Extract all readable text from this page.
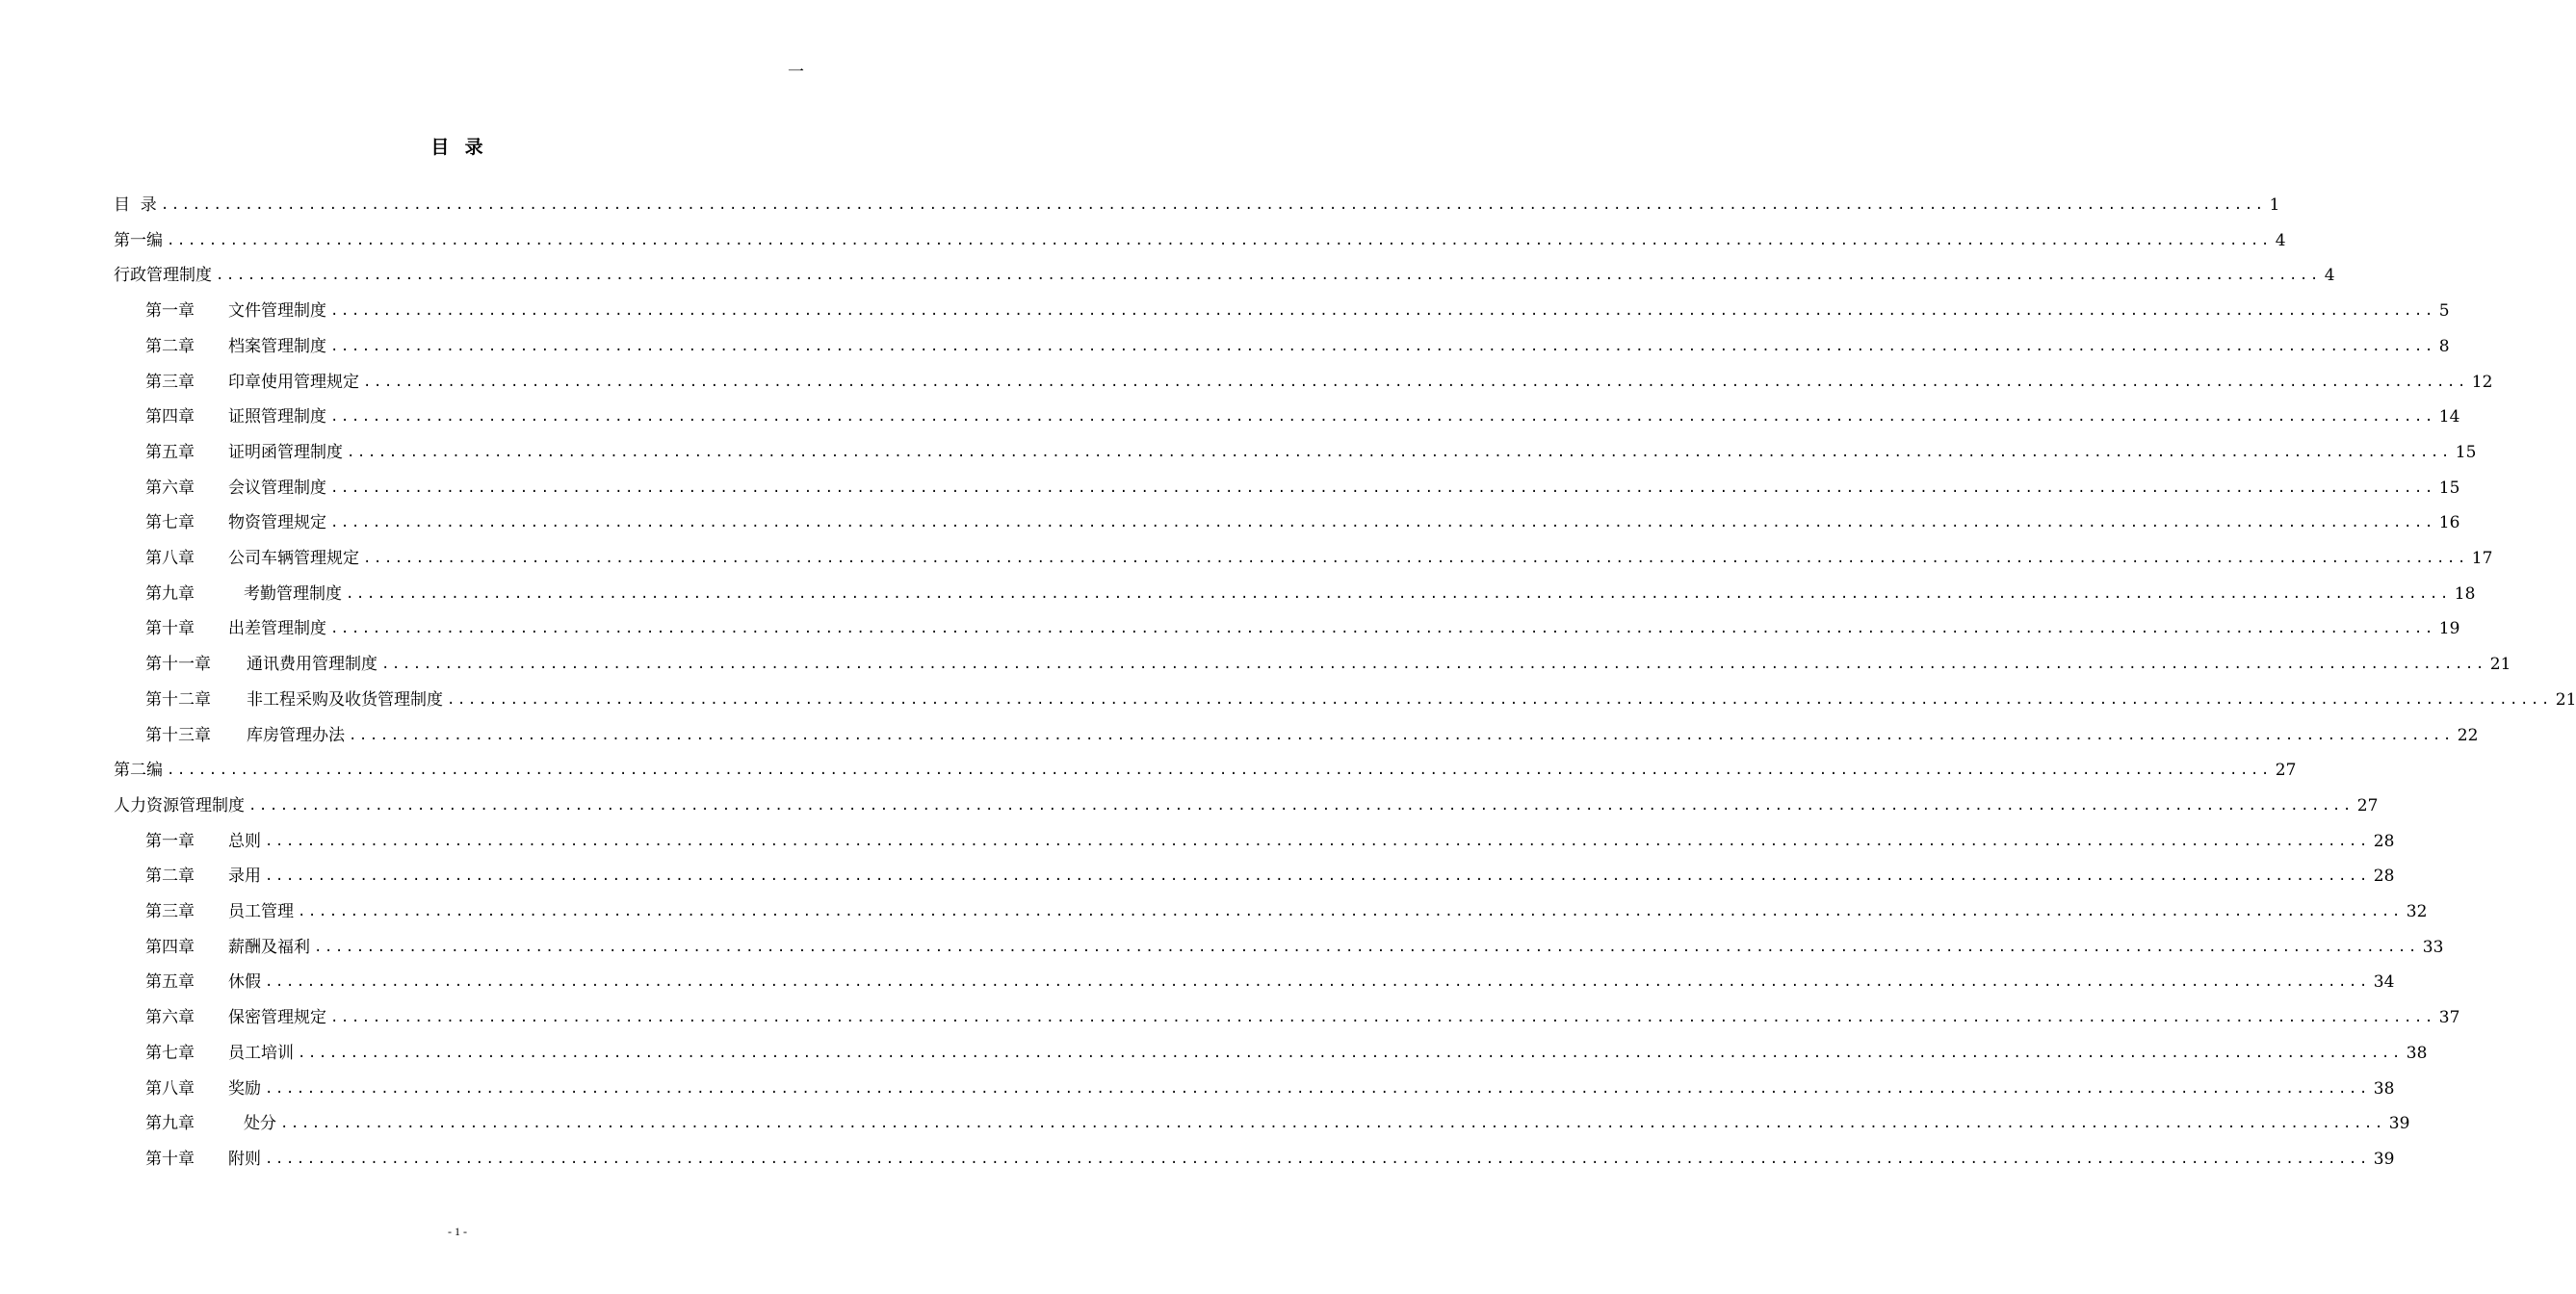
一
目  录
目  录 ........................................................................................................................................................................................................ 1
第一编 ........................................................................................................................................................................................................ 4
行政管理制度 ........................................................................................................................................................................................................ 4
第一章	文件管理制度 ........................................................................................................................................................................................................ 5
第二章	档案管理制度 ........................................................................................................................................................................................................ 8
第三章	印章使用管理规定 ........................................................................................................................................................................................................ 12
第四章	证照管理制度 ........................................................................................................................................................................................................ 14
第五章	证明函管理制度 ........................................................................................................................................................................................................ 15
第六章	会议管理制度 ........................................................................................................................................................................................................ 15
第七章	物资管理规定 ........................................................................................................................................................................................................ 16
第八章	公司车辆管理规定 ........................................................................................................................................................................................................ 17
第九章	考勤管理制度 ........................................................................................................................................................................................................ 18
第十章	出差管理制度 ........................................................................................................................................................................................................ 19
第十一章	通讯费用管理制度 ........................................................................................................................................................................................................ 21
第十二章	非工程采购及收货管理制度 ........................................................................................................................................................................................................ 21
第十三章	库房管理办法 ........................................................................................................................................................................................................ 22
第二编 ........................................................................................................................................................................................................ 27
人力资源管理制度 ........................................................................................................................................................................................................ 27
第一章	总则 ........................................................................................................................................................................................................ 28
第二章	录用 ........................................................................................................................................................................................................ 28
第三章	员工管理 ........................................................................................................................................................................................................ 32
第四章	薪酬及福利 ........................................................................................................................................................................................................ 33
第五章	休假 ........................................................................................................................................................................................................ 34
第六章	保密管理规定 ........................................................................................................................................................................................................ 37
第七章	员工培训 ........................................................................................................................................................................................................ 38
第八章	奖励 ........................................................................................................................................................................................................ 38
第九章	处分 ........................................................................................................................................................................................................ 39
第十章	附则 ........................................................................................................................................................................................................ 39
- 1 -
